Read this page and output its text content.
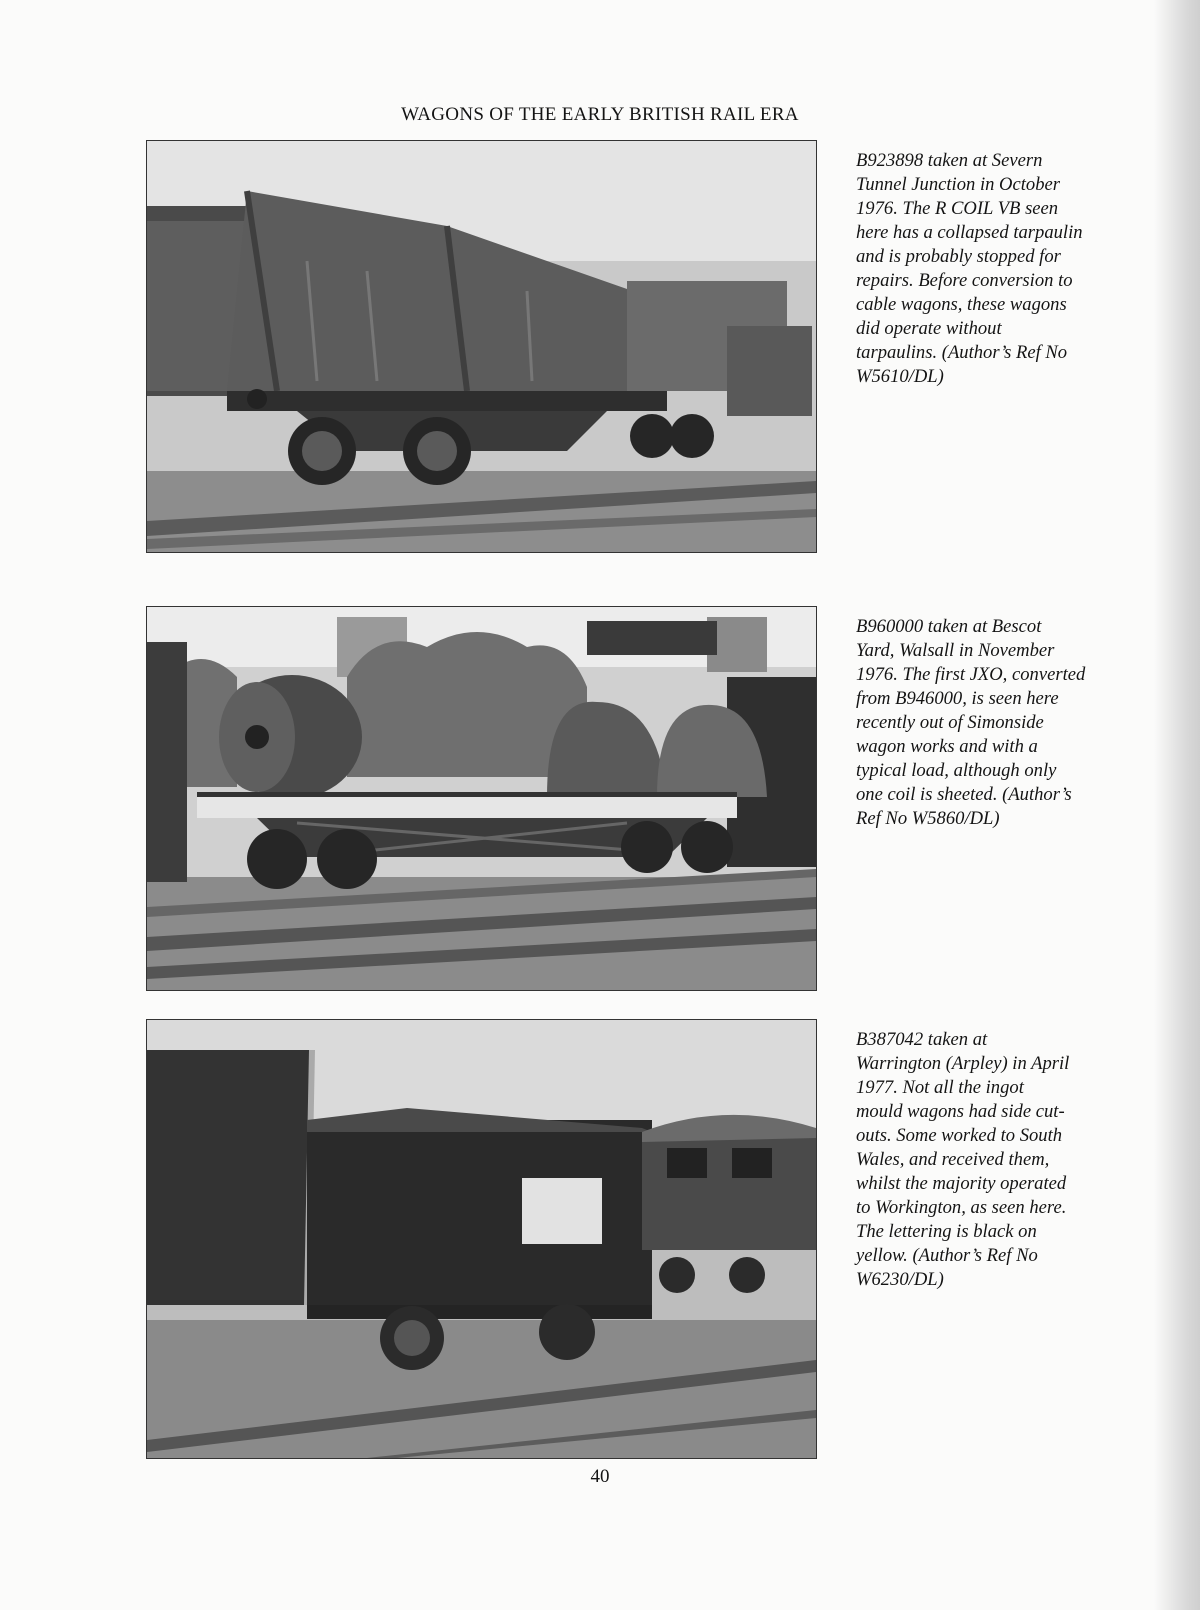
WAGONS OF THE EARLY BRITISH RAIL ERA
B923898 taken at Severn
Tunnel Junction in October
1976. The R COIL VB seen
here has a collapsed tarpaulin
and is probably stopped for
repairs. Before conversion to
cable wagons, these wagons
did operate without
tarpaulins. (Author’s Ref No
W5610/DL)
B960000 taken at Bescot
Yard, Walsall in November
1976. The first JXO, converted
from B946000, is seen here
recently out of Simonside
wagon works and with a
typical load, although only
one coil is sheeted. (Author’s
Ref No W5860/DL)
B387042 taken at
Warrington (Arpley) in April
1977. Not all the ingot
mould wagons had side cut-
outs. Some worked to South
Wales, and received them,
whilst the majority operated
to Workington, as seen here.
The lettering is black on
yellow. (Author’s Ref No
W6230/DL)
40
